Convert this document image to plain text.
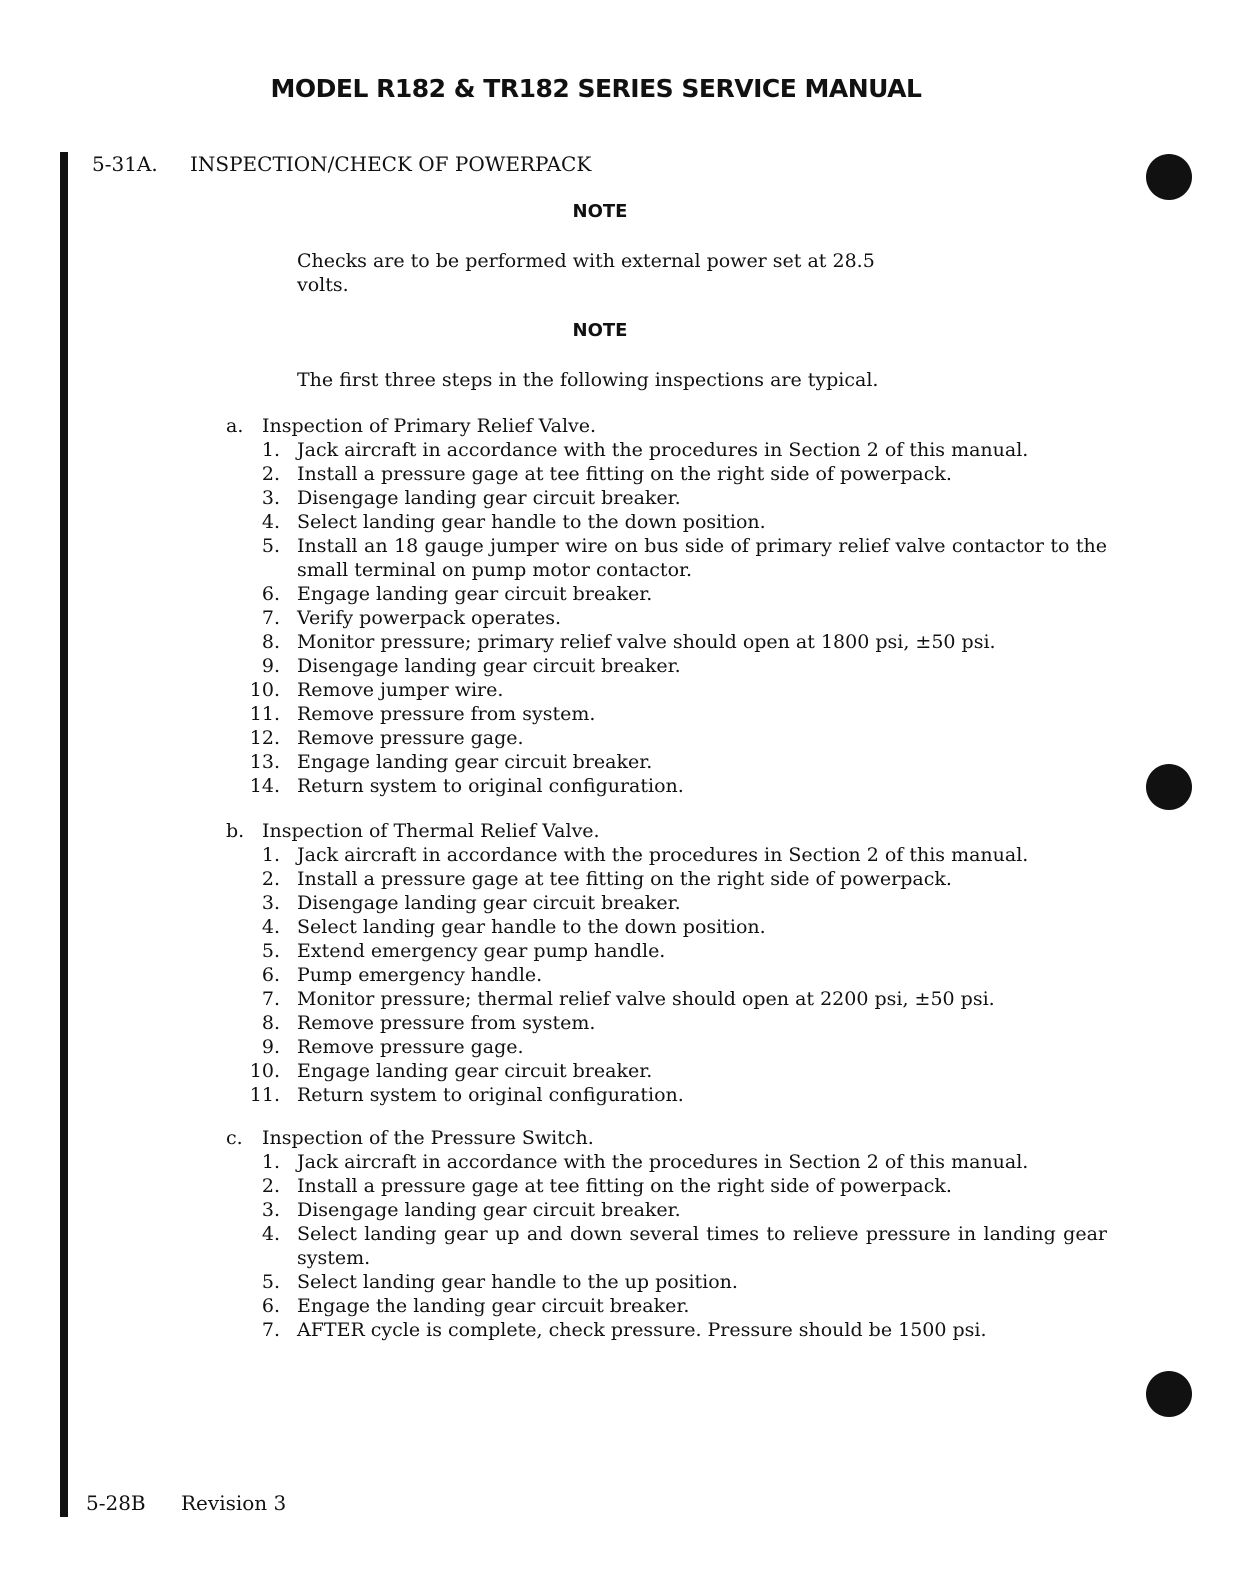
MODEL R182 & TR182 SERIES SERVICE MANUAL
5-31A. INSPECTION/CHECK OF POWERPACK
NOTE
Checks are to be performed with external power set at 28.5 volts.
NOTE
The first three steps in the following inspections are typical.
a. Inspection of Primary Relief Valve.
1. Jack aircraft in accordance with the procedures in Section 2 of this manual.
2. Install a pressure gage at tee fitting on the right side of powerpack.
3. Disengage landing gear circuit breaker.
4. Select landing gear handle to the down position.
5. Install an 18 gauge jumper wire on bus side of primary relief valve contactor to the small terminal on pump motor contactor.
6. Engage landing gear circuit breaker.
7. Verify powerpack operates.
8. Monitor pressure; primary relief valve should open at 1800 psi, ±50 psi.
9. Disengage landing gear circuit breaker.
10. Remove jumper wire.
11. Remove pressure from system.
12. Remove pressure gage.
13. Engage landing gear circuit breaker.
14. Return system to original configuration.
b. Inspection of Thermal Relief Valve.
1. Jack aircraft in accordance with the procedures in Section 2 of this manual.
2. Install a pressure gage at tee fitting on the right side of powerpack.
3. Disengage landing gear circuit breaker.
4. Select landing gear handle to the down position.
5. Extend emergency gear pump handle.
6. Pump emergency handle.
7. Monitor pressure; thermal relief valve should open at 2200 psi, ±50 psi.
8. Remove pressure from system.
9. Remove pressure gage.
10. Engage landing gear circuit breaker.
11. Return system to original configuration.
c. Inspection of the Pressure Switch.
1. Jack aircraft in accordance with the procedures in Section 2 of this manual.
2. Install a pressure gage at tee fitting on the right side of powerpack.
3. Disengage landing gear circuit breaker.
4. Select landing gear up and down several times to relieve pressure in landing gear system.
5. Select landing gear handle to the up position.
6. Engage the landing gear circuit breaker.
7. AFTER cycle is complete, check pressure. Pressure should be 1500 psi.
5-28B Revision 3
